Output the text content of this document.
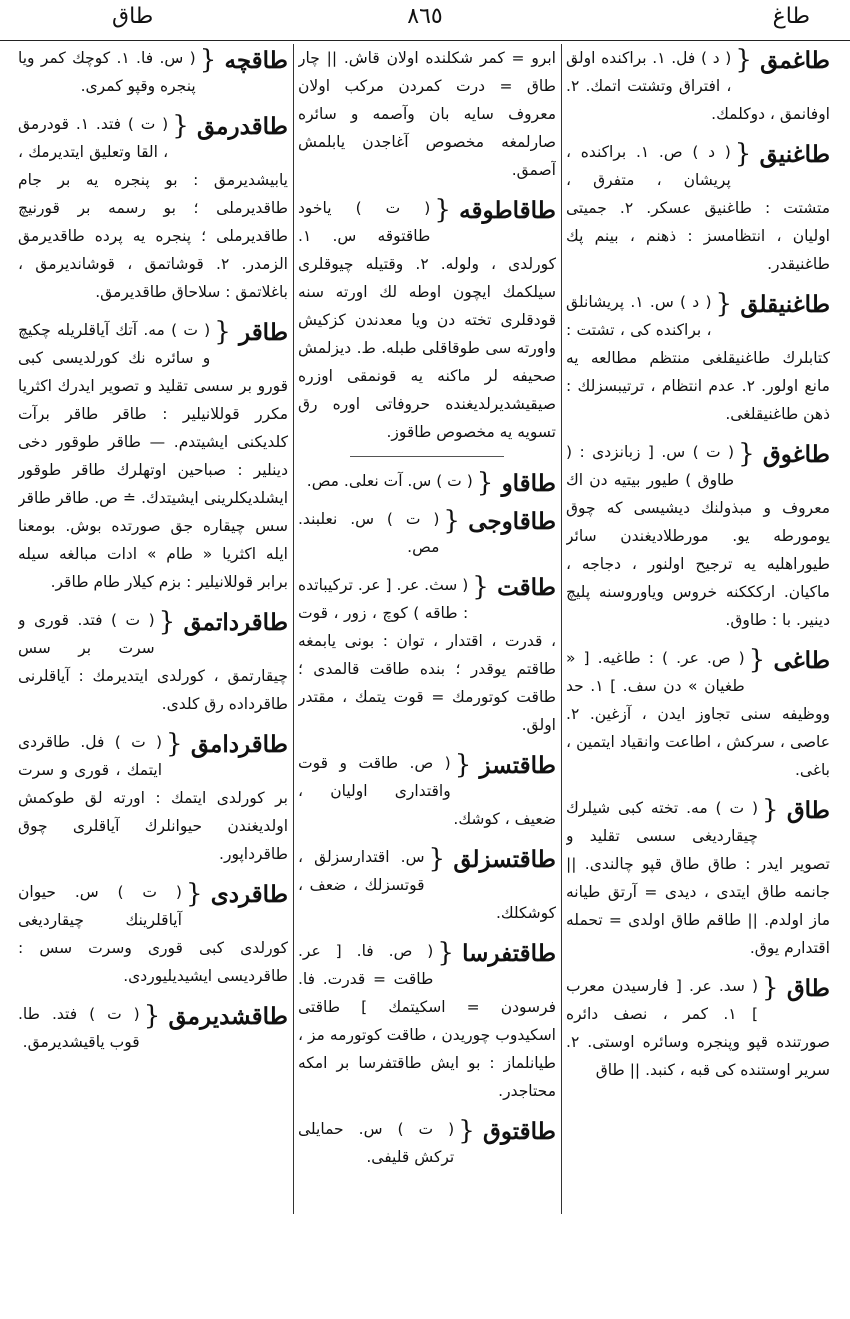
طاق	٨٦٥	طاغ
طاغمق {
( د ) فل. ١. براكنده اولق ، افتراق وتشتت اتمك. ٢. اوفانمق ، دوكلمك.
طاغنيق {
( د ) ص. ١. براكنده ، پريشان ، متفرق ، متشتت : طاغنيق عسكر. ٢. جميتى اوليان ، انتظامسز : ذهنم ، بينم پك طاغنيقدر.
طاغنيقلق {
( د ) س. ١. پريشانلق ، براكنده كى ، تشتت : كتابلرك طاغنيقلغى منتظم مطالعه يه مانع اولور. ٢. عدم انتظام ، ترتيبسزلك : ذهن طاغنيقلغى.
طاغوق {
( ت ) س. [ زبانزدى : ( طاوق ) طيور بيتيه دن اك معروف و مبذولنك ديشيسى كه چوق يومورطه يو. مورطلاديغندن سائر طيوراهليه يه ترجيح اولنور ، دجاجه ، ماكيان. اركككنه خروس وياوروسنه پليچ دينير. با : طاوق.
طاغى {
( ص. عر. ) : طاغيه. [ « طغيان » دن سف. ] ١. حد ووظيفه سنى تجاوز ايدن ، آزغين. ٢. عاصى ، سركش ، اطاعت وانقياد ايتمين ، باغى.
طاق {
( ت ) مه. تخته كبى شيلرك چيقارديغى سسى تقليد و تصوير ايدر : طاق طاق قپو چالندى. || جانمه طاق ايتدى ، ديدى = آرتق طيانه ماز اولدم. || طاقم طاق اولدى = تحمله اقتدارم يوق.
طاق {
( سد. عر. [ فارسيدن معرب ] ١. كمر ، نصف دائره صورتنده قپو وپنجره وسائره اوستى. ٢. سرير اوستنده كى قبه ، كنبد. || طاق
ابرو = كمر شكلنده اولان قاش. || چار طاق = درت كمردن مركب اولان معروف سايه بان وآصمه و سائره صارلمغه مخصوص آغاجدن يابلمش آصمق.
طاقاطوقه {
( ت ) ياخود طاقتوقه س. ١. كورلدى ، ولوله. ٢. وقتيله چيوقلرى سيلكمك ايچون اوطه لك اورته سنه قودقلرى تخته دن ويا معدندن كزكيش واورته سى طوقاقلى طبله. ط. ديزلمش صحيفه لر ماكنه يه قونمقى اوزره صيقيشديرلديغنده حروفاتى اوره رق تسويه يه مخصوص طاقوز.
طاقاو {
( ت ) س. آت نعلى. مص.
طاقاوجى {
( ت ) س. نعلبند. مص.
طاقت {
( سث. عر. [ عر. تركيباتده : طاقه ) كوچ ، زور ، قوت ، قدرت ، اقتدار ، توان : بونى يابمغه طاقتم يوقدر ؛ بنده طاقت قالمدى ؛ طاقت كوتورمك = قوت يتمك ، مقتدر اولق.
طاقتسز {
( ص. طاقت و قوت واقتدارى اوليان ، ضعيف ، كوشك.
طاقتسزلق {
س. اقتدارسزلق ، قوتسزلك ، ضعف ، كوشكلك.
طاقتفرسا {
( ص. فا. [ عر. طاقت = قدرت. فا. فرسودن = اسكيتمك ] طاقتى اسكيدوب چوريدن ، طاقت كوتورمه مز ، طيانلماز : بو ايش طاقتفرسا بر امكه محتاجدر.
طاقتوق {
( ت ) س. حمايلى تركش قليفى.
طاقچه {
( س. فا. ١. كوچك كمر ويا پنجره وقپو كمرى.
طاقدرمق {
( ت ) فتد. ١. قودرمق ، القا وتعليق ايتديرمك ، يابيشديرمق : بو پنجره يه بر جام طاقديرملى ؛ بو رسمه بر قورنيچ طاقديرملى ؛ پنجره يه پرده طاقديرمق الزمدر. ٢. قوشاتمق ، قوشانديرمق ، باغلاتمق : سلاحاق طاقديرمق.
طاقر {
( ت ) مه. آتك آياقلريله چكيچ و سائره نك كورلديسى كبى قورو بر سسى تقليد و تصوير ايدرك اكثريا مكرر قوللانيلير : طاقر طاقر برآت كلديكنى ايشيتدم. — طاقر طوقور دخى دينلير : صباحين اوتهلرك طاقر طوقور ايشلديكلرينى ايشيتدك. ≐ ص. طاقر طاقر سس چيقاره جق صورتده بوش. بومعنا ايله اكثريا « طام » ادات مبالغه سيله برابر قوللانيلير : بزم كيلار طام طاقر.
طاقرداتمق {
( ت ) فتد. قورى و سرت بر سس چيقارتمق ، كورلدى ايتديرمك : آياقلرنى طاقرداده رق كلدى.
طاقردامق {
( ت ) فل. طاقردى ايتمك ، قورى و سرت بر كورلدى ايتمك : اورته لق طوكمش اولديغندن حيوانلرك آياقلرى چوق طاقرداپور.
طاقردى {
( ت ) س. حيوان آياقلرينك چيقارديغى كورلدى كبى قورى وسرت سس : طاقرديسى ايشيديليوردى.
طاقشديرمق {
( ت ) فتد. طا. قوب ياقيشديرمق.
